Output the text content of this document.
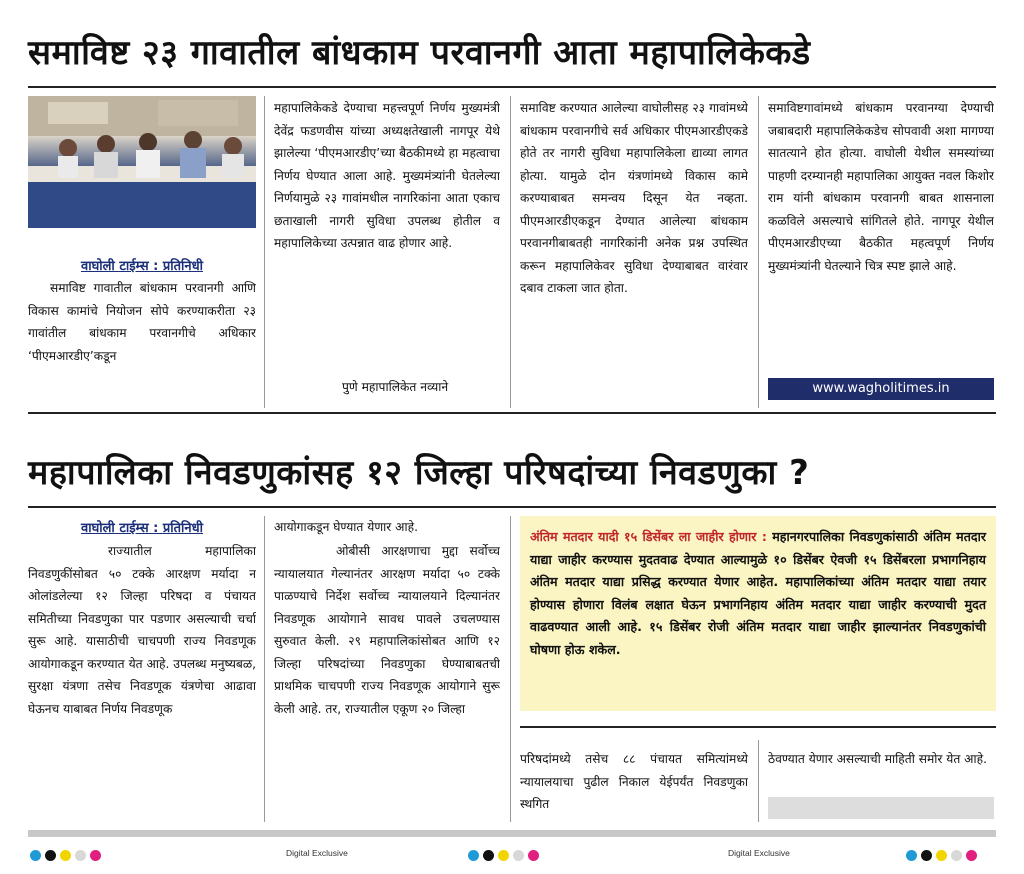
समाविष्ट २३ गावातील बांधकाम परवानगी आता महापालिकेकडे
वाघोली टाईम्स : प्रतिनिधी
समाविष्ट गावातील बांधकाम परवानगी आणि विकास कामांचे नियोजन सोपे करण्याकरीता २३ गावांतील बांधकाम परवानगीचे अधिकार ‘पीएमआरडीए’कडून
महापालिकेकडे देण्याचा महत्त्वपूर्ण निर्णय मुख्यमंत्री देवेंद्र फडणवीस यांच्या अध्यक्षतेखाली नागपूर येथे झालेल्या ‘पीएमआरडीए’च्या बैठकीमध्ये हा महत्वाचा निर्णय घेण्यात आला आहे. मुख्यमंत्र्यांनी घेतलेल्या निर्णयामुळे २३ गावांमधील नागरिकांना आता एकाच छताखाली नागरी सुविधा उपलब्ध होतील व महापालिकेच्या उत्पन्नात वाढ होणार आहे.
पुणे महापालिकेत नव्याने
समाविष्ट करण्यात आलेल्या वाघोलीसह २३ गावांमध्ये बांधकाम परवानगीचे सर्व अधिकार पीएमआरडीएकडे होते तर नागरी सुविधा महापालिकेला द्याव्या लागत होत्या. यामुळे दोन यंत्रणांमध्ये विकास कामे करण्याबाबत समन्वय दिसून येत नव्हता. पीएमआरडीएकडून देण्यात आलेल्या बांधकाम परवानगीबाबतही नागरिकांनी अनेक प्रश्न उपस्थित करून महापालिकेवर सुविधा देण्याबाबत वारंवार दबाव टाकला जात होता.
समाविष्टगावांमध्ये बांधकाम परवानग्या देण्याची जबाबदारी महापालिकेकडेच सोपवावी अशा मागण्या सातत्याने होत होत्या. वाघोली येथील समस्यांच्या पाहणी दरम्यानही महापालिका आयुक्त नवल किशोर राम यांनी बांधकाम परवानगी बाबत शासनाला कळविले असल्याचे सांगितले होते. नागपूर येथील पीएमआरडीएच्या बैठकीत महत्वपूर्ण निर्णय मुख्यमंत्र्यांनी घेतल्याने चित्र स्पष्ट झाले आहे.
www.wagholitimes.in
महापालिका निवडणुकांसह १२ जिल्हा परिषदांच्या निवडणुका ?
वाघोली टाईम्स : प्रतिनिधी
राज्यातील महापालिका निवडणुकींसोबत ५० टक्के आरक्षण मर्यादा न ओलांडलेल्या १२ जिल्हा परिषदा व पंचायत समितीच्या निवडणुका पार पडणार असल्याची चर्चा सुरू आहे. यासाठीची चाचपणी राज्य निवडणूक आयोगाकडून करण्यात येत आहे. उपलब्ध मनुष्यबळ, सुरक्षा यंत्रणा तसेच निवडणूक यंत्रणेचा आढावा घेऊनच याबाबत निर्णय निवडणूक
आयोगाकडून घेण्यात येणार आहे.
ओबीसी आरक्षणाचा मुद्दा सर्वोच्च न्यायालयात गेल्यानंतर आरक्षण मर्यादा ५० टक्के पाळण्याचे निर्देश सर्वोच्च न्यायालयाने दिल्यानंतर निवडणूक आयोगाने सावध पावले उचलण्यास सुरुवात केली. २९ महापालिकांसोबत आणि १२ जिल्हा परिषदांच्या निवडणुका घेण्याबाबतची प्राथमिक चाचपणी राज्य निवडणूक आयोगाने सुरू केली आहे. तर, राज्यातील एकूण २० जिल्हा
अंतिम मतदार यादी १५ डिसेंबर ला जाहीर होणार : महानगरपालिका निवडणुकांसाठी अंतिम मतदार याद्या जाहीर करण्यास मुदतवाढ देण्यात आल्यामुळे १० डिसेंबर ऐवजी १५ डिसेंबरला प्रभागनिहाय अंतिम मतदार याद्या प्रसिद्ध करण्यात येणार आहेत. महापालिकांच्या अंतिम मतदार याद्या तयार होण्यास होणारा विलंब लक्षात घेऊन प्रभागनिहाय अंतिम मतदार याद्या जाहीर करण्याची मुदत वाढवण्यात आली आहे. १५ डिसेंबर रोजी अंतिम मतदार याद्या जाहीर झाल्यानंतर निवडणुकांची घोषणा होऊ शकेल.
परिषदांमध्ये तसेच ८८ पंचायत समित्यांमध्ये न्यायालयाचा पुढील निकाल येईपर्यंत निवडणुका स्थगित
ठेवण्यात येणार असल्याची माहिती समोर येत आहे.
Digital Exclusive	Digital Exclusive
